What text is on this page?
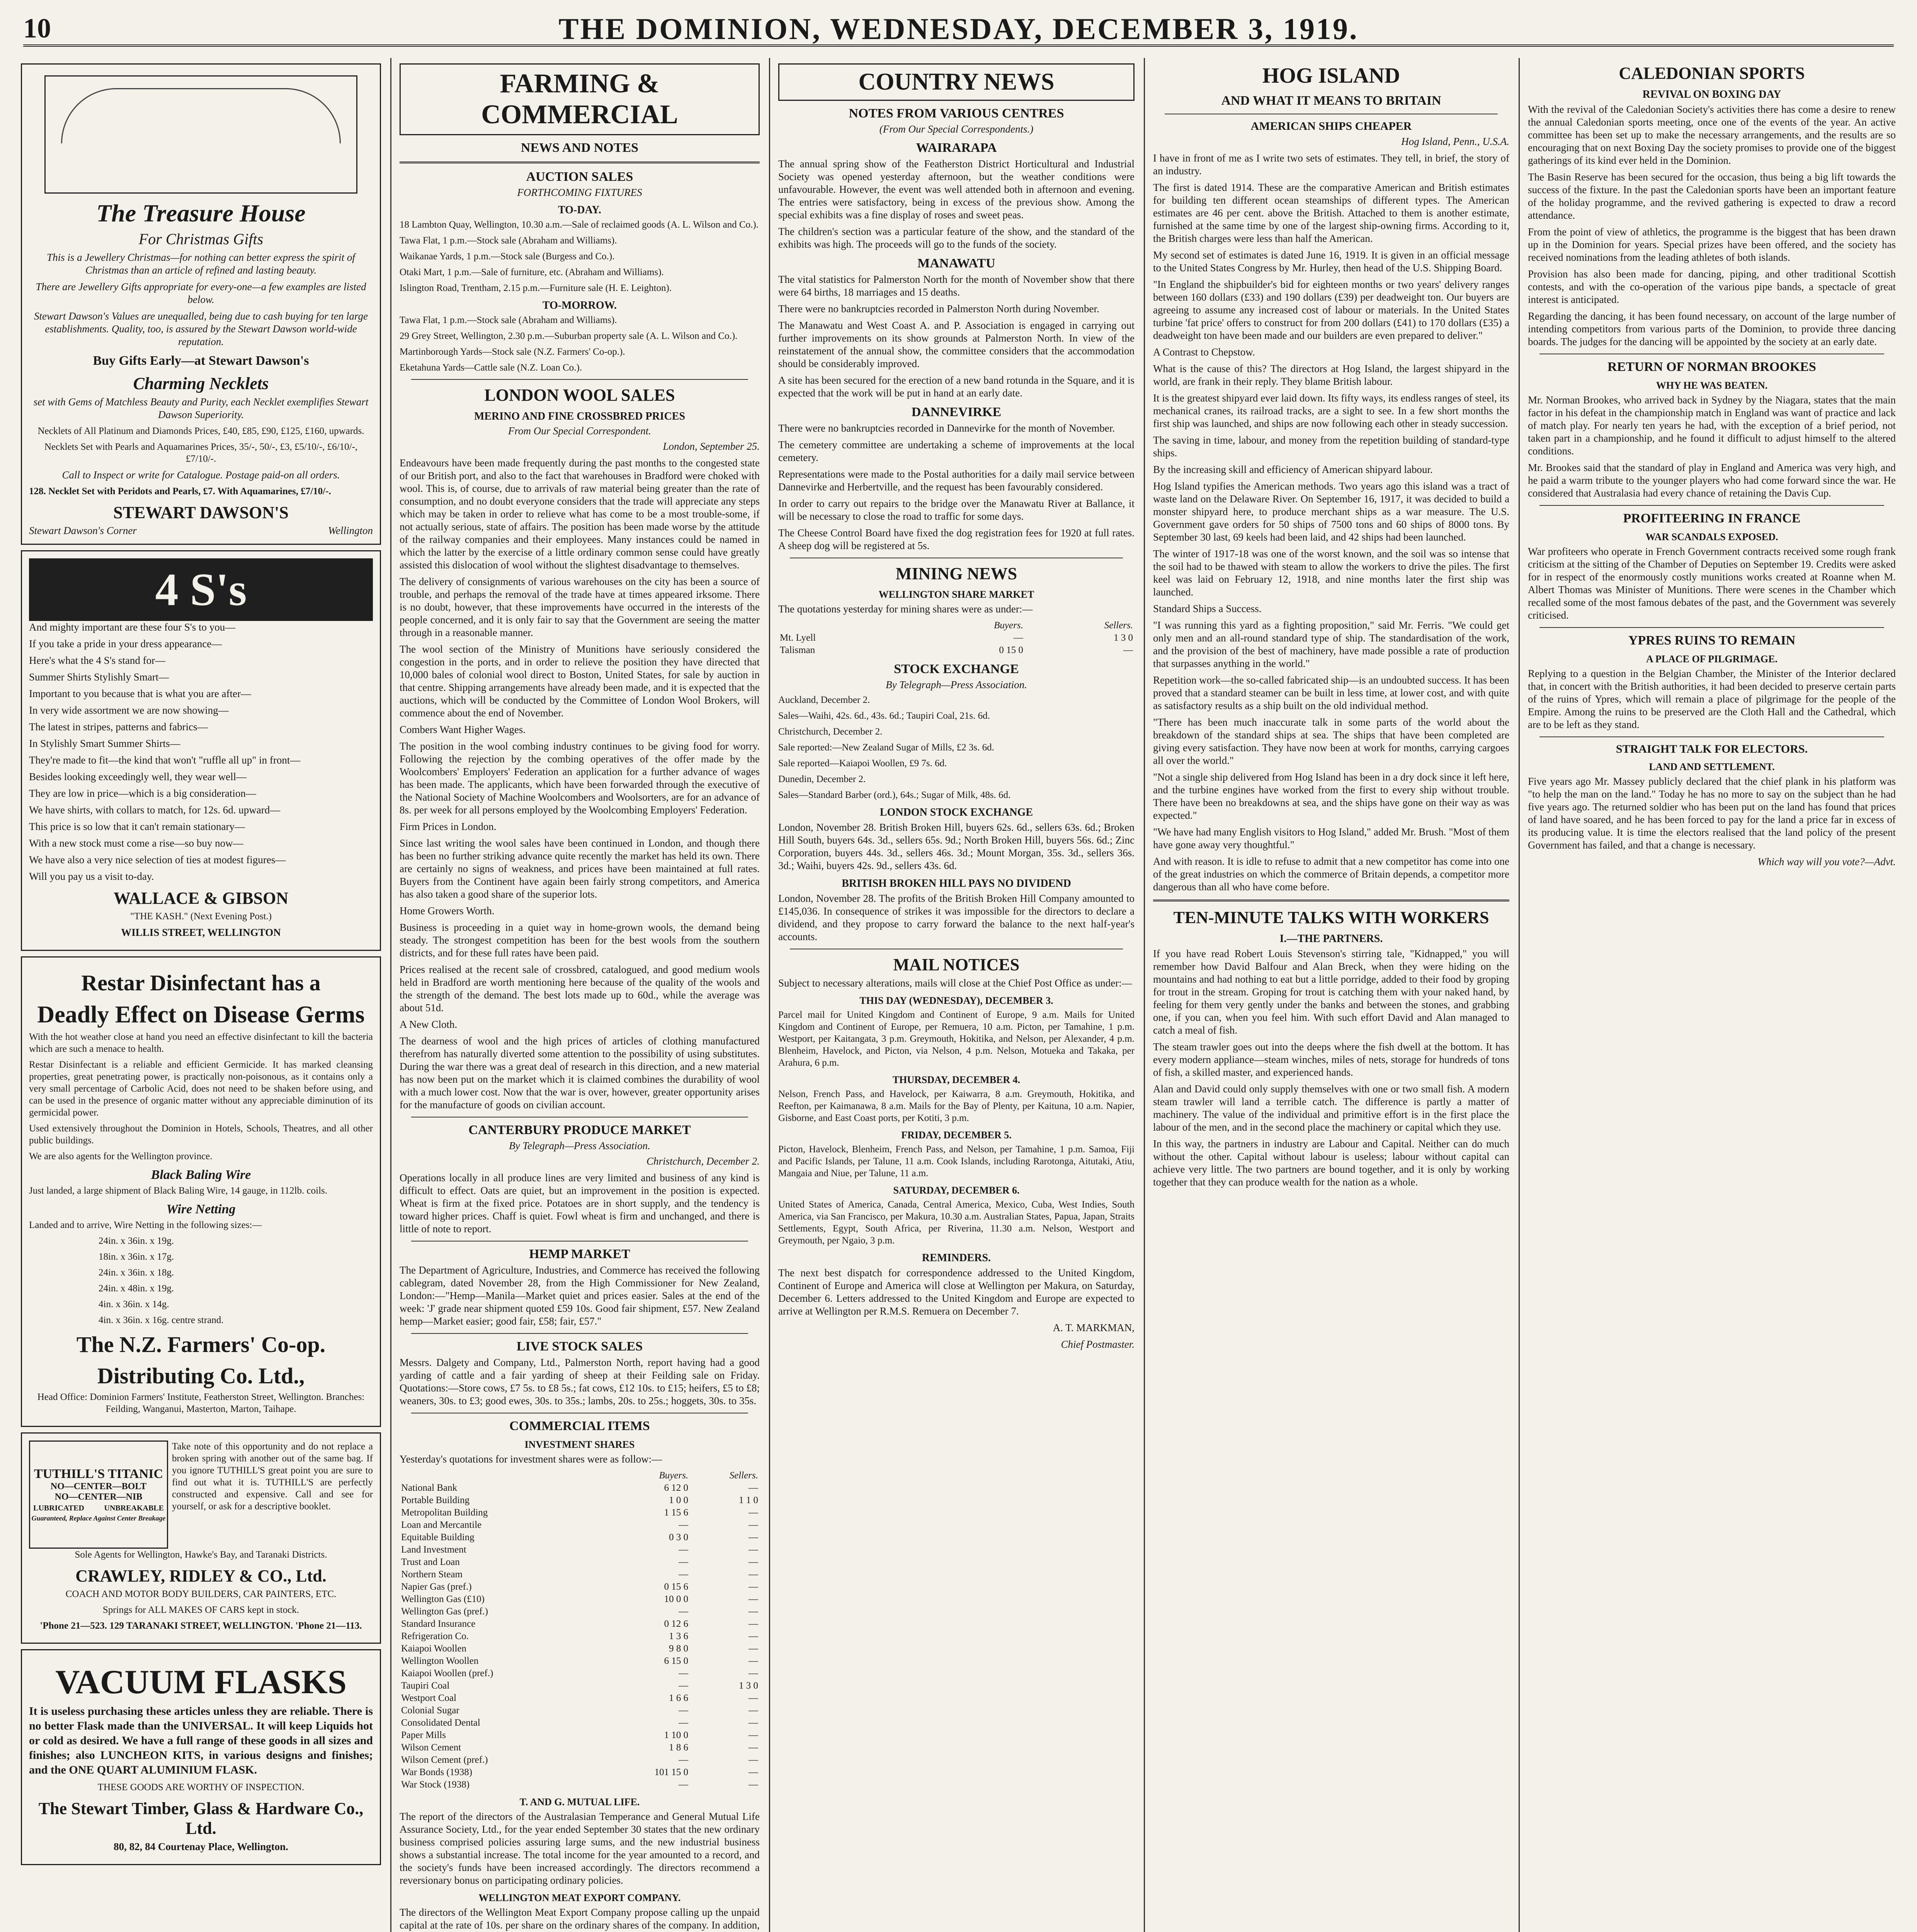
10	THE DOMINION, WEDNESDAY, DECEMBER 3, 1919.
The Treasure House
For Christmas Gifts
This is a Jewellery Christmas—for nothing can better express the spirit of Christmas than an article of refined and lasting beauty.
There are Jewellery Gifts appropriate for every-one—a few examples are listed below.
Stewart Dawson's Values are unequalled, being due to cash buying for ten large establishments. Quality, too, is assured by the Stewart Dawson world-wide reputation.
Buy Gifts Early—at Stewart Dawson's
Charming Necklets
set with Gems of Matchless Beauty and Purity, each Necklet exemplifies Stewart Dawson Superiority.
Necklets of All Platinum and Diamonds Prices, £40, £85, £90, £125, £160, upwards.
Necklets Set with Pearls and Aquamarines Prices, 35/-, 50/-, £3, £5/10/-, £6/10/-, £7/10/-.
Call to Inspect or write for Catalogue. Postage paid-on all orders.
128. Necklet Set with Peridots and Pearls, £7. With Aquamarines, £7/10/-.
STEWART DAWSON'S
Stewart Dawson's Corner	Wellington
4 S's
And mighty important are these four S's to you—
If you take a pride in your dress appearance—
Here's what the 4 S's stand for—
Summer Shirts Stylishly Smart—
Important to you because that is what you are after—
In very wide assortment we are now showing—
The latest in stripes, patterns and fabrics—
In Stylishly Smart Summer Shirts—
They're made to fit—the kind that won't "ruffle all up" in front—
Besides looking exceedingly well, they wear well—
They are low in price—which is a big consideration—
We have shirts, with collars to match, for 12s. 6d. upward—
This price is so low that it can't remain stationary—
With a new stock must come a rise—so buy now—
We have also a very nice selection of ties at modest figures—
Will you pay us a visit to-day.
WALLACE & GIBSON
"THE KASH." (Next Evening Post.)
WILLIS STREET, WELLINGTON
Restar Disinfectant has a
Deadly Effect on Disease Germs
With the hot weather close at hand you need an effective disinfectant to kill the bacteria which are such a menace to health.
Restar Disinfectant is a reliable and efficient Germicide. It has marked cleansing properties, great penetrating power, is practically non-poisonous, as it contains only a very small percentage of Carbolic Acid, does not need to be shaken before using, and can be used in the presence of organic matter without any appreciable diminution of its germicidal power.
Used extensively throughout the Dominion in Hotels, Schools, Theatres, and all other public buildings.
We are also agents for the Wellington province.
Black Baling Wire
Just landed, a large shipment of Black Baling Wire, 14 gauge, in 112lb. coils.
Wire Netting
Landed and to arrive, Wire Netting in the following sizes:—
24in. x 36in. x 19g.
18in. x 36in. x 17g.
24in. x 36in. x 18g.
24in. x 48in. x 19g.
4in. x 36in. x 14g.
4in. x 36in. x 16g. centre strand.
The N.Z. Farmers' Co-op.
Distributing Co. Ltd.,
Head Office: Dominion Farmers' Institute, Featherston Street, Wellington. Branches: Feilding, Wanganui, Masterton, Marton, Taihape.
TUTHILL'S TITANIC
NO—CENTER—BOLT
NO—CENTER—NIB
LUBRICATED	UNBREAKABLE
Guaranteed, Replace Against Center Breakage
Take note of this opportunity and do not replace a broken spring with another out of the same bag. If you ignore TUTHILL'S great point you are sure to find out what it is. TUTHILL'S are perfectly constructed and expensive. Call and see for yourself, or ask for a descriptive booklet.
Sole Agents for Wellington, Hawke's Bay, and Taranaki Districts.
CRAWLEY, RIDLEY & CO., Ltd.
COACH AND MOTOR BODY BUILDERS, CAR PAINTERS, ETC.
Springs for ALL MAKES OF CARS kept in stock.
'Phone 21—523. 129 TARANAKI STREET, WELLINGTON. 'Phone 21—113.
VACUUM FLASKS
It is useless purchasing these articles unless they are reliable. There is no better Flask made than the UNIVERSAL. It will keep Liquids hot or cold as desired. We have a full range of these goods in all sizes and finishes; also LUNCHEON KITS, in various designs and finishes; and the ONE QUART ALUMINIUM FLASK.
THESE GOODS ARE WORTHY OF INSPECTION.
The Stewart Timber, Glass & Hardware Co., Ltd.
80, 82, 84 Courtenay Place, Wellington.
FARMING & COMMERCIAL
NEWS AND NOTES
AUCTION SALES
FORTHCOMING FIXTURES
TO-DAY.
18 Lambton Quay, Wellington, 10.30 a.m.—Sale of reclaimed goods (A. L. Wilson and Co.).
Tawa Flat, 1 p.m.—Stock sale (Abraham and Williams).
Waikanae Yards, 1 p.m.—Stock sale (Burgess and Co.).
Otaki Mart, 1 p.m.—Sale of furniture, etc. (Abraham and Williams).
Islington Road, Trentham, 2.15 p.m.—Furniture sale (H. E. Leighton).
TO-MORROW.
Tawa Flat, 1 p.m.—Stock sale (Abraham and Williams).
29 Grey Street, Wellington, 2.30 p.m.—Suburban property sale (A. L. Wilson and Co.).
Martinborough Yards—Stock sale (N.Z. Farmers' Co-op.).
Eketahuna Yards—Cattle sale (N.Z. Loan Co.).
LONDON WOOL SALES
MERINO AND FINE CROSSBRED PRICES
From Our Special Correspondent.
London, September 25.
Endeavours have been made frequently during the past months to the congested state of our British port, and also to the fact that warehouses in Bradford were choked with wool. This is, of course, due to arrivals of raw material being greater than the rate of consumption, and no doubt everyone considers that the trade will appreciate any steps which may be taken in order to relieve what has come to be a most trouble-some, if not actually serious, state of affairs. The position has been made worse by the attitude of the railway companies and their employees. Many instances could be named in which the latter by the exercise of a little ordinary common sense could have greatly assisted this dislocation of wool without the slightest disadvantage to themselves.
The delivery of consignments of various warehouses on the city has been a source of trouble, and perhaps the removal of the trade have at times appeared irksome. There is no doubt, however, that these improvements have occurred in the interests of the people concerned, and it is only fair to say that the Government are seeing the matter through in a reasonable manner.
The wool section of the Ministry of Munitions have seriously considered the congestion in the ports, and in order to relieve the position they have directed that 10,000 bales of colonial wool direct to Boston, United States, for sale by auction in that centre. Shipping arrangements have already been made, and it is expected that the auctions, which will be conducted by the Committee of London Wool Brokers, will commence about the end of November.
Combers Want Higher Wages.
The position in the wool combing industry continues to be giving food for worry. Following the rejection by the combing operatives of the offer made by the Woolcombers' Employers' Federation an application for a further advance of wages has been made. The applicants, which have been forwarded through the executive of the National Society of Machine Woolcombers and Woolsorters, are for an advance of 8s. per week for all persons employed by the Woolcombing Employers' Federation.
Firm Prices in London.
Since last writing the wool sales have been continued in London, and though there has been no further striking advance quite recently the market has held its own. There are certainly no signs of weakness, and prices have been maintained at full rates. Buyers from the Continent have again been fairly strong competitors, and America has also taken a good share of the superior lots.
Home Growers Worth.
Business is proceeding in a quiet way in home-grown wools, the demand being steady. The strongest competition has been for the best wools from the southern districts, and for these full rates have been paid.
Prices realised at the recent sale of crossbred, catalogued, and good medium wools held in Bradford are worth mentioning here because of the quality of the wools and the strength of the demand. The best lots made up to 60d., while the average was about 51d.
A New Cloth.
The dearness of wool and the high prices of articles of clothing manufactured therefrom has naturally diverted some attention to the possibility of using substitutes. During the war there was a great deal of research in this direction, and a new material has now been put on the market which it is claimed combines the durability of wool with a much lower cost. Now that the war is over, however, greater opportunity arises for the manufacture of goods on civilian account.
CANTERBURY PRODUCE MARKET
By Telegraph—Press Association.
Christchurch, December 2.
Operations locally in all produce lines are very limited and business of any kind is difficult to effect. Oats are quiet, but an improvement in the position is expected. Wheat is firm at the fixed price. Potatoes are in short supply, and the tendency is toward higher prices. Chaff is quiet. Fowl wheat is firm and unchanged, and there is little of note to report.
HEMP MARKET
The Department of Agriculture, Industries, and Commerce has received the following cablegram, dated November 28, from the High Commissioner for New Zealand, London:—"Hemp—Manila—Market quiet and prices easier. Sales at the end of the week: 'J' grade near shipment quoted £59 10s. Good fair shipment, £57. New Zealand hemp—Market easier; good fair, £58; fair, £57."
LIVE STOCK SALES
Messrs. Dalgety and Company, Ltd., Palmerston North, report having had a good yarding of cattle and a fair yarding of sheep at their Feilding sale on Friday. Quotations:—Store cows, £7 5s. to £8 5s.; fat cows, £12 10s. to £15; heifers, £5 to £8; weaners, 30s. to £3; good ewes, 30s. to 35s.; lambs, 20s. to 25s.; hoggets, 30s. to 35s.
COMMERCIAL ITEMS
INVESTMENT SHARES
Yesterday's quotations for investment shares were as follow:—
	Buyers.	Sellers.
National Bank	6 12 0	—
Portable Building	1 0 0	1 1 0
Metropolitan Building	1 15 6	—
Loan and Mercantile	—	—
Equitable Building	0 3 0	—
Land Investment	—	—
Trust and Loan	—	—
Northern Steam	—	—
Napier Gas (pref.)	0 15 6	—
Wellington Gas (£10)	10 0 0	—
Wellington Gas (pref.)	—	—
Standard Insurance	0 12 6	—
Refrigeration Co.	1 3 6	—
Kaiapoi Woollen	9 8 0	—
Wellington Woollen	6 15 0	—
Kaiapoi Woollen (pref.)	—	—
Taupiri Coal	—	1 3 0
Westport Coal	1 6 6	—
Colonial Sugar	—	—
Consolidated Dental	—	—
Paper Mills	1 10 0	—
Wilson Cement	1 8 6	—
Wilson Cement (pref.)	—	—
War Bonds (1938)	101 15 0	—
War Stock (1938)	—	—
T. AND G. MUTUAL LIFE.
The report of the directors of the Australasian Temperance and General Mutual Life Assurance Society, Ltd., for the year ended September 30 states that the new ordinary business comprised policies assuring large sums, and the new industrial business shows a substantial increase. The total income for the year amounted to a record, and the society's funds have been increased accordingly. The directors recommend a reversionary bonus on participating ordinary policies.
WELLINGTON MEAT EXPORT COMPANY.
The directors of the Wellington Meat Export Company propose calling up the unpaid capital at the rate of 10s. per share on the ordinary shares of the company. In addition,
COUNTRY NEWS
NOTES FROM VARIOUS CENTRES
(From Our Special Correspondents.)
WAIRARAPA
The annual spring show of the Featherston District Horticultural and Industrial Society was opened yesterday afternoon, but the weather conditions were unfavourable. However, the event was well attended both in afternoon and evening. The entries were satisfactory, being in excess of the previous show. Among the special exhibits was a fine display of roses and sweet peas.
The children's section was a particular feature of the show, and the standard of the exhibits was high. The proceeds will go to the funds of the society.
MANAWATU
The vital statistics for Palmerston North for the month of November show that there were 64 births, 18 marriages and 15 deaths.
There were no bankruptcies recorded in Palmerston North during November.
The Manawatu and West Coast A. and P. Association is engaged in carrying out further improvements on its show grounds at Palmerston North. In view of the reinstatement of the annual show, the committee considers that the accommodation should be considerably improved.
A site has been secured for the erection of a new band rotunda in the Square, and it is expected that the work will be put in hand at an early date.
DANNEVIRKE
There were no bankruptcies recorded in Dannevirke for the month of November.
The cemetery committee are undertaking a scheme of improvements at the local cemetery.
Representations were made to the Postal authorities for a daily mail service between Dannevirke and Herbertville, and the request has been favourably considered.
In order to carry out repairs to the bridge over the Manawatu River at Ballance, it will be necessary to close the road to traffic for some days.
The Cheese Control Board have fixed the dog registration fees for 1920 at full rates. A sheep dog will be registered at 5s.
MINING NEWS
WELLINGTON SHARE MARKET
The quotations yesterday for mining shares were as under:—
	Buyers.	Sellers.
Mt. Lyell	—	1 3 0
Talisman	0 15 0	—
STOCK EXCHANGE
By Telegraph—Press Association.
Auckland, December 2.
Sales—Waihi, 42s. 6d., 43s. 6d.; Taupiri Coal, 21s. 6d.
Christchurch, December 2.
Sale reported:—New Zealand Sugar of Mills, £2 3s. 6d.
Sale reported—Kaiapoi Woollen, £9 7s. 6d.
Dunedin, December 2.
Sales—Standard Barber (ord.), 64s.; Sugar of Milk, 48s. 6d.
LONDON STOCK EXCHANGE
London, November 28. British Broken Hill, buyers 62s. 6d., sellers 63s. 6d.; Broken Hill South, buyers 64s. 3d., sellers 65s. 9d.; North Broken Hill, buyers 56s. 6d.; Zinc Corporation, buyers 44s. 3d., sellers 46s. 3d.; Mount Morgan, 35s. 3d., sellers 36s. 3d.; Waihi, buyers 42s. 9d., sellers 43s. 6d.
BRITISH BROKEN HILL PAYS NO DIVIDEND
London, November 28. The profits of the British Broken Hill Company amounted to £145,036. In consequence of strikes it was impossible for the directors to declare a dividend, and they propose to carry forward the balance to the next half-year's accounts.
MAIL NOTICES
Subject to necessary alterations, mails will close at the Chief Post Office as under:—
THIS DAY (WEDNESDAY), DECEMBER 3.
Parcel mail for United Kingdom and Continent of Europe, 9 a.m. Mails for United Kingdom and Continent of Europe, per Remuera, 10 a.m. Picton, per Tamahine, 1 p.m. Westport, per Kaitangata, 3 p.m. Greymouth, Hokitika, and Nelson, per Alexander, 4 p.m. Blenheim, Havelock, and Picton, via Nelson, 4 p.m. Nelson, Motueka and Takaka, per Arahura, 6 p.m.
THURSDAY, DECEMBER 4.
Nelson, French Pass, and Havelock, per Kaiwarra, 8 a.m. Greymouth, Hokitika, and Reefton, per Kaimanawa, 8 a.m. Mails for the Bay of Plenty, per Kaituna, 10 a.m. Napier, Gisborne, and East Coast ports, per Kotiti, 3 p.m.
FRIDAY, DECEMBER 5.
Picton, Havelock, Blenheim, French Pass, and Nelson, per Tamahine, 1 p.m. Samoa, Fiji and Pacific Islands, per Talune, 11 a.m. Cook Islands, including Rarotonga, Aitutaki, Atiu, Mangaia and Niue, per Talune, 11 a.m.
SATURDAY, DECEMBER 6.
United States of America, Canada, Central America, Mexico, Cuba, West Indies, South America, via San Francisco, per Makura, 10.30 a.m. Australian States, Papua, Japan, Straits Settlements, Egypt, South Africa, per Riverina, 11.30 a.m. Nelson, Westport and Greymouth, per Ngaio, 3 p.m.
REMINDERS.
The next best dispatch for correspondence addressed to the United Kingdom, Continent of Europe and America will close at Wellington per Makura, on Saturday, December 6. Letters addressed to the United Kingdom and Europe are expected to arrive at Wellington per R.M.S. Remuera on December 7.
A. T. MARKMAN,
Chief Postmaster.
HOG ISLAND
AND WHAT IT MEANS TO BRITAIN
AMERICAN SHIPS CHEAPER
Hog Island, Penn., U.S.A.
I have in front of me as I write two sets of estimates. They tell, in brief, the story of an industry.
The first is dated 1914. These are the comparative American and British estimates for building ten different ocean steamships of different types. The American estimates are 46 per cent. above the British. Attached to them is another estimate, furnished at the same time by one of the largest ship-owning firms. According to it, the British charges were less than half the American.
My second set of estimates is dated June 16, 1919. It is given in an official message to the United States Congress by Mr. Hurley, then head of the U.S. Shipping Board.
"In England the shipbuilder's bid for eighteen months or two years' delivery ranges between 160 dollars (£33) and 190 dollars (£39) per deadweight ton. Our buyers are agreeing to assume any increased cost of labour or materials. In the United States turbine 'fat price' offers to construct for from 200 dollars (£41) to 170 dollars (£35) a deadweight ton have been made and our builders are even prepared to deliver."
A Contrast to Chepstow.
What is the cause of this? The directors at Hog Island, the largest shipyard in the world, are frank in their reply. They blame British labour.
It is the greatest shipyard ever laid down. Its fifty ways, its endless ranges of steel, its mechanical cranes, its railroad tracks, are a sight to see. In a few short months the first ship was launched, and ships are now following each other in steady succession.
The saving in time, labour, and money from the repetition building of standard-type ships.
By the increasing skill and efficiency of American shipyard labour.
Hog Island typifies the American methods. Two years ago this island was a tract of waste land on the Delaware River. On September 16, 1917, it was decided to build a monster shipyard here, to produce merchant ships as a war measure. The U.S. Government gave orders for 50 ships of 7500 tons and 60 ships of 8000 tons. By September 30 last, 69 keels had been laid, and 42 ships had been launched.
The winter of 1917-18 was one of the worst known, and the soil was so intense that the soil had to be thawed with steam to allow the workers to drive the piles. The first keel was laid on February 12, 1918, and nine months later the first ship was launched.
Standard Ships a Success.
"I was running this yard as a fighting proposition," said Mr. Ferris. "We could get only men and an all-round standard type of ship. The standardisation of the work, and the provision of the best of machinery, have made possible a rate of production that surpasses anything in the world."
Repetition work—the so-called fabricated ship—is an undoubted success. It has been proved that a standard steamer can be built in less time, at lower cost, and with quite as satisfactory results as a ship built on the old individual method.
"There has been much inaccurate talk in some parts of the world about the breakdown of the standard ships at sea. The ships that have been completed are giving every satisfaction. They have now been at work for months, carrying cargoes all over the world."
"Not a single ship delivered from Hog Island has been in a dry dock since it left here, and the turbine engines have worked from the first to every ship without trouble. There have been no breakdowns at sea, and the ships have gone on their way as was expected."
"We have had many English visitors to Hog Island," added Mr. Brush. "Most of them have gone away very thoughtful."
And with reason. It is idle to refuse to admit that a new competitor has come into one of the great industries on which the commerce of Britain depends, a competitor more dangerous than all who have come before.
TEN-MINUTE TALKS WITH WORKERS
I.—THE PARTNERS.
If you have read Robert Louis Stevenson's stirring tale, "Kidnapped," you will remember how David Balfour and Alan Breck, when they were hiding on the mountains and had nothing to eat but a little porridge, added to their food by groping for trout in the stream. Groping for trout is catching them with your naked hand, by feeling for them very gently under the banks and between the stones, and grabbing one, if you can, when you feel him. With such effort David and Alan managed to catch a meal of fish.
The steam trawler goes out into the deeps where the fish dwell at the bottom. It has every modern appliance—steam winches, miles of nets, storage for hundreds of tons of fish, a skilled master, and experienced hands.
Alan and David could only supply themselves with one or two small fish. A modern steam trawler will land a terrible catch. The difference is partly a matter of machinery. The value of the individual and primitive effort is in the first place the labour of the men, and in the second place the machinery or capital which they use.
In this way, the partners in industry are Labour and Capital. Neither can do much without the other. Capital without labour is useless; labour without capital can achieve very little. The two partners are bound together, and it is only by working together that they can produce wealth for the nation as a whole.
CALEDONIAN SPORTS
REVIVAL ON BOXING DAY
With the revival of the Caledonian Society's activities there has come a desire to renew the annual Caledonian sports meeting, once one of the events of the year. An active committee has been set up to make the necessary arrangements, and the results are so encouraging that on next Boxing Day the society promises to provide one of the biggest gatherings of its kind ever held in the Dominion.
The Basin Reserve has been secured for the occasion, thus being a big lift towards the success of the fixture. In the past the Caledonian sports have been an important feature of the holiday programme, and the revived gathering is expected to draw a record attendance.
From the point of view of athletics, the programme is the biggest that has been drawn up in the Dominion for years. Special prizes have been offered, and the society has received nominations from the leading athletes of both islands.
Provision has also been made for dancing, piping, and other traditional Scottish contests, and with the co-operation of the various pipe bands, a spectacle of great interest is anticipated.
Regarding the dancing, it has been found necessary, on account of the large number of intending competitors from various parts of the Dominion, to provide three dancing boards. The judges for the dancing will be appointed by the society at an early date.
RETURN OF NORMAN BROOKES
WHY HE WAS BEATEN.
Mr. Norman Brookes, who arrived back in Sydney by the Niagara, states that the main factor in his defeat in the championship match in England was want of practice and lack of match play. For nearly ten years he had, with the exception of a brief period, not taken part in a championship, and he found it difficult to adjust himself to the altered conditions.
Mr. Brookes said that the standard of play in England and America was very high, and he paid a warm tribute to the younger players who had come forward since the war. He considered that Australasia had every chance of retaining the Davis Cup.
PROFITEERING IN FRANCE
WAR SCANDALS EXPOSED.
War profiteers who operate in French Government contracts received some rough frank criticism at the sitting of the Chamber of Deputies on September 19. Credits were asked for in respect of the enormously costly munitions works created at Roanne when M. Albert Thomas was Minister of Munitions. There were scenes in the Chamber which recalled some of the most famous debates of the past, and the Government was severely criticised.
YPRES RUINS TO REMAIN
A PLACE OF PILGRIMAGE.
Replying to a question in the Belgian Chamber, the Minister of the Interior declared that, in concert with the British authorities, it had been decided to preserve certain parts of the ruins of Ypres, which will remain a place of pilgrimage for the people of the Empire. Among the ruins to be preserved are the Cloth Hall and the Cathedral, which are to be left as they stand.
STRAIGHT TALK FOR ELECTORS.
LAND AND SETTLEMENT.
Five years ago Mr. Massey publicly declared that the chief plank in his platform was "to help the man on the land." Today he has no more to say on the subject than he had five years ago. The returned soldier who has been put on the land has found that prices of land have soared, and he has been forced to pay for the land a price far in excess of its producing value. It is time the electors realised that the land policy of the present Government has failed, and that a change is necessary.
Which way will you vote?—Advt.
